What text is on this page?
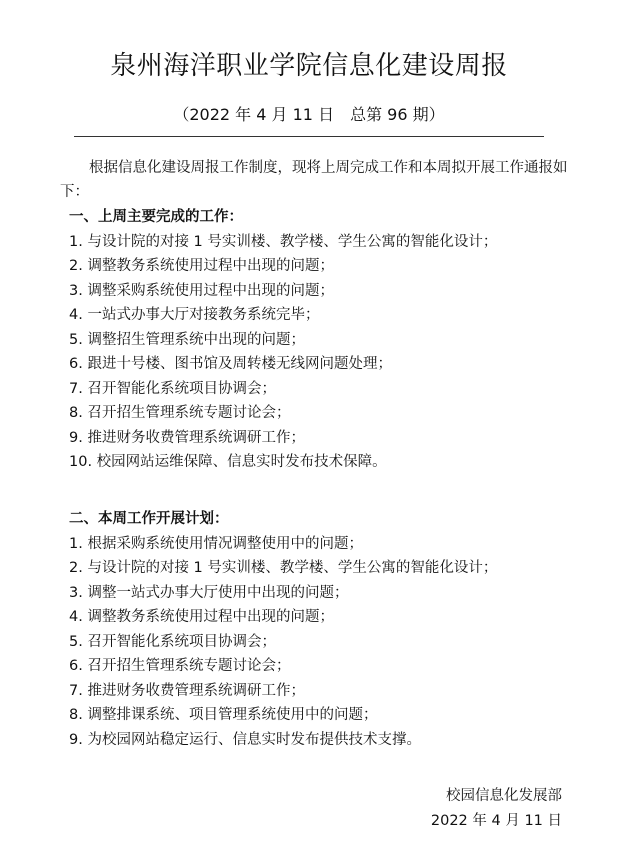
泉州海洋职业学院信息化建设周报
（2022 年 4 月 11 日　总第 96 期）
根据信息化建设周报工作制度，现将上周完成工作和本周拟开展工作通报如下：
一、上周主要完成的工作：
1. 与设计院的对接 1 号实训楼、教学楼、学生公寓的智能化设计；
2. 调整教务系统使用过程中出现的问题；
3. 调整采购系统使用过程中出现的问题；
4. 一站式办事大厅对接教务系统完毕；
5. 调整招生管理系统中出现的问题；
6. 跟进十号楼、图书馆及周转楼无线网问题处理；
7. 召开智能化系统项目协调会；
8. 召开招生管理系统专题讨论会；
9. 推进财务收费管理系统调研工作；
10. 校园网站运维保障、信息实时发布技术保障。
二、本周工作开展计划：
1. 根据采购系统使用情况调整使用中的问题；
2. 与设计院的对接 1 号实训楼、教学楼、学生公寓的智能化设计；
3. 调整一站式办事大厅使用中出现的问题；
4. 调整教务系统使用过程中出现的问题；
5. 召开智能化系统项目协调会；
6. 召开招生管理系统专题讨论会；
7. 推进财务收费管理系统调研工作；
8. 调整排课系统、项目管理系统使用中的问题；
9. 为校园网站稳定运行、信息实时发布提供技术支撑。
校园信息化发展部
2022 年 4 月 11 日
